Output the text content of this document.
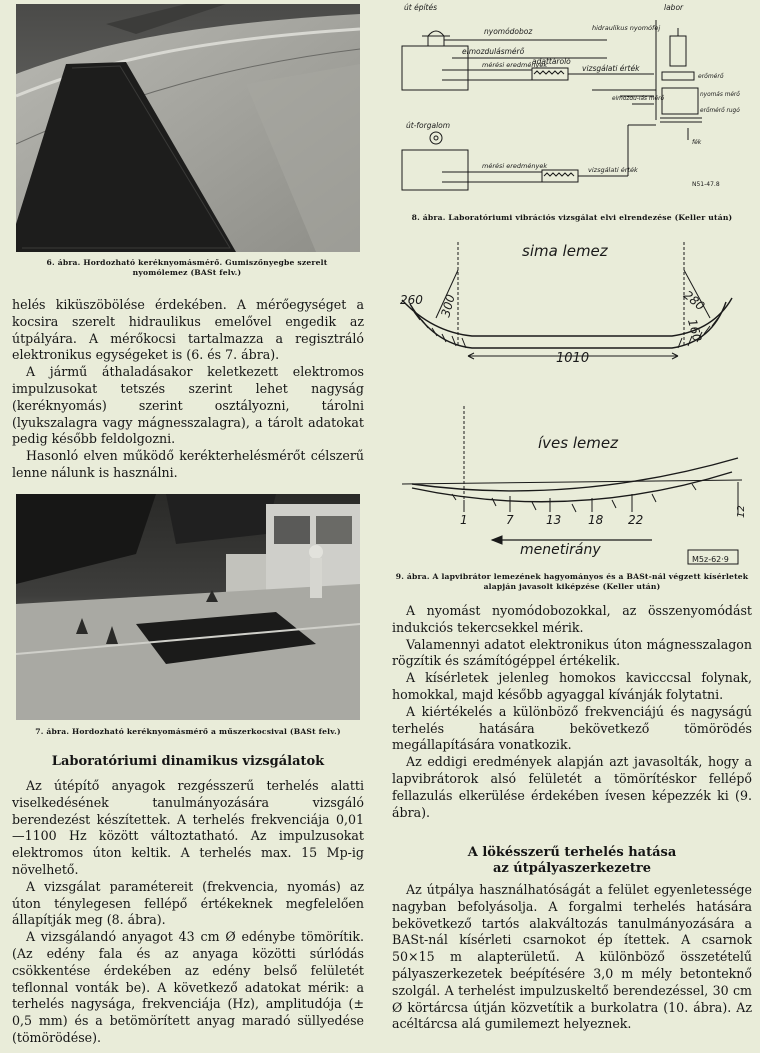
6. ábra. Hordozható keréknyomásmérő. Gumiszőnyegbe szerelt nyomólemez (BASt felv.)

helés kiküszöbölése érdekében. A mérőegységet a kocsira szerelt hidraulikus emelővel engedik az útpályára. A mérőkocsi tartalmazza a regisztráló elektronikus egységeket is (6. és 7. ábra).

A jármű áthaladásakor keletkezett elektromos impulzusokat tetszés szerint lehet nagyság (keréknyomás) szerint osztályozni, tárolni (lyukszalagra vagy mágnesszalagra), a tárolt adatokat pedig később feldolgozni.

Hasonló elven működő kerékterhelésmérőt célszerű lenne nálunk is használni.

7. ábra. Hordozható keréknyomásmérő a műszerkocsival (BASt felv.)

Laboratóriumi dinamikus vizsgálatok

Az útépítő anyagok rezgésszerű terhelés alatti viselkedésének tanulmányozására vizsgáló berendezést készítettek. A terhelés frekvenciája 0,01—1100 Hz között változtatható. Az impulzusokat elektromos úton keltik. A terhelés max. 15 Mp-ig növelhető.

A vizsgálat paramétereit (frekvencia, nyomás) az úton ténylegesen fellépő értékeknek megfelelően állapítják meg (8. ábra).

A vizsgálandó anyagot 43 cm Ø edénybe tömörítik. (Az edény fala és az anyaga közötti súrlódás csökkentése érdekében az edény belső felületét teflonnal vonták be). A következő adatokat mérik: a terhelés nagysága, frekvenciája (Hz), amplitudója (± 0,5 mm) és a betömörített anyag maradó süllyedése (tömörödése).

út építés	labor
nyomódoboz
elmozdulásmérő
adattároló
mérési eredmények	vizsgálati érték
hidraulikus nyomófej
erőmérő
elmozdu-lás mérő
nyomás mérő
erőmérő rugó
fék
út-forgalom
mérési eredmények	vizsgálati érték
Ν51-47.8

8. ábra. Laboratóriumi vibrációs vizsgálat elvi elrendezése (Keller után)

sima lemez
260 300	280
160
1010
íves lemez
1	7	13 18 22
12
menetirány
Μ5z-62·9

9. ábra. A lapvibrátor lemezének hagyományos és a BASt-nál végzett kísérletek alapján javasolt kiképzése (Keller után)

A nyomást nyomódobozokkal, az összenyomódást indukciós tekercsekkel mérik.

Valamennyi adatot elektronikus úton mágnesszalagon rögzítik és számítógéppel értékelik.

A kísérletek jelenleg homokos kavicccsal folynak, homokkal, majd később agyaggal kívánják folytatni.

A kiértékelés a különböző frekvenciájú és nagyságú terhelés hatására bekövetkező tömörödés megállapítására vonatkozik.

Az eddigi eredmények alapján azt javasolták, hogy a lapvibrátorok alsó felületét a tömörítéskor fellépő fellazulás elkerülése érdekében ívesen képezzék ki (9. ábra).

A lökésszerű terhelés hatása
az útpályaszerkezetre

Az útpálya használhatóságát a felület egyenletessége nagyban befolyásolja. A forgalmi terhelés hatására bekövetkező tartós alakváltozás tanulmányozására a BASt-nál kísérleti csarnokot ép ítettek. A csarnok 50×15 m alapterületű. A különböző összetételű pályaszerkezetek beépítésére 3,0 m mély betonteknő szolgál. A terhelést impulzuskeltő berendezéssel, 30 cm Ø körtárcsa útján közvetítik a burkolatra (10. ábra). Az acéltárcsa alá gumilemezt helyeznek.
